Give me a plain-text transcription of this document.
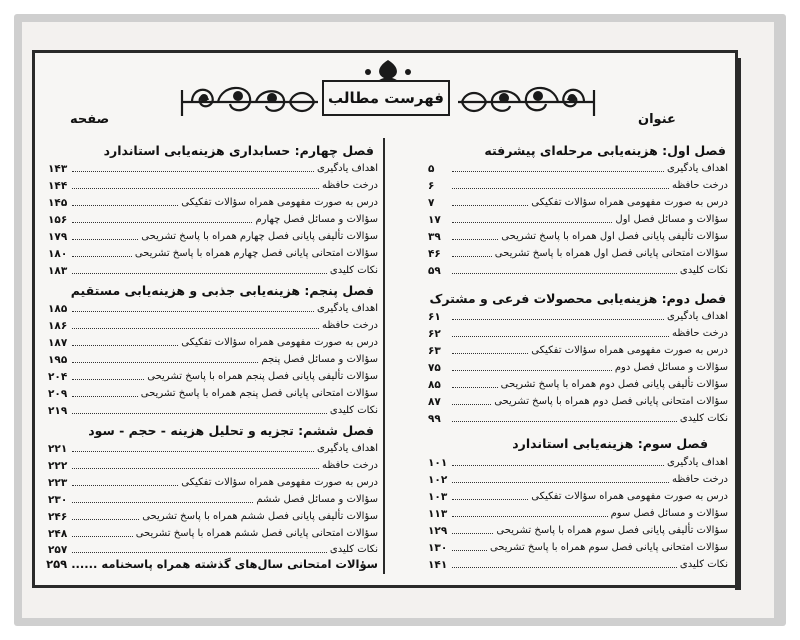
فهرست مطالب
عنوان
صفحه
فصل اول: هزینه‌یابی مرحله‌ای پیشرفته
اهداف یادگیری
۵
درخت حافظه
۶
درس به صورت مفهومی همراه سؤالات تفکیکی
۷
سؤالات و مسائل فصل اول
۱۷
سؤالات تألیفی پایانی فصل اول همراه با پاسخ تشریحی
۳۹
سؤالات امتحانی پایانی فصل اول همراه با پاسخ تشریحی
۴۶
نکات کلیدی
۵۹
فصل دوم: هزینه‌یابی محصولات فرعی و مشترک
اهداف یادگیری
۶۱
درخت حافظه
۶۲
درس به صورت مفهومی همراه سؤالات تفکیکی
۶۳
سؤالات و مسائل فصل دوم
۷۵
سؤالات تألیفی پایانی فصل دوم همراه با پاسخ تشریحی
۸۵
سؤالات امتحانی پایانی فصل دوم همراه با پاسخ تشریحی
۸۷
نکات کلیدی
۹۹
فصل سوم: هزینه‌یابی استاندارد
اهداف یادگیری
۱۰۱
درخت حافظه
۱۰۲
درس به صورت مفهومی همراه سؤالات تفکیکی
۱۰۳
سؤالات و مسائل فصل سوم
۱۱۳
سؤالات تألیفی پایانی فصل سوم همراه با پاسخ تشریحی
۱۲۹
سؤالات امتحانی پایانی فصل سوم همراه با پاسخ تشریحی
۱۳۰
نکات کلیدی
۱۴۱
فصل چهارم: حسابداری هزینه‌یابی استاندارد
اهداف یادگیری
۱۴۳
درخت حافظه
۱۴۴
درس به صورت مفهومی همراه سؤالات تفکیکی
۱۴۵
سؤالات و مسائل فصل چهارم
۱۵۶
سؤالات تألیفی پایانی فصل چهارم همراه با پاسخ تشریحی
۱۷۹
سؤالات امتحانی پایانی فصل چهارم همراه با پاسخ تشریحی
۱۸۰
نکات کلیدی
۱۸۳
فصل پنجم: هزینه‌یابی جذبی و هزینه‌یابی مستقیم
اهداف یادگیری
۱۸۵
درخت حافظه
۱۸۶
درس به صورت مفهومی همراه سؤالات تفکیکی
۱۸۷
سؤالات و مسائل فصل پنجم
۱۹۵
سؤالات تألیفی پایانی فصل پنجم همراه با پاسخ تشریحی
۲۰۴
سؤالات امتحانی پایانی فصل پنجم همراه با پاسخ تشریحی
۲۰۹
نکات کلیدی
۲۱۹
فصل ششم: تجزیه و تحلیل هزینه - حجم - سود
اهداف یادگیری
۲۲۱
درخت حافظه
۲۲۲
درس به صورت مفهومی همراه سؤالات تفکیکی
۲۲۳
سؤالات و مسائل فصل ششم
۲۳۰
سؤالات تألیفی پایانی فصل ششم همراه با پاسخ تشریحی
۲۴۶
سؤالات امتحانی پایانی فصل ششم همراه با پاسخ تشریحی
۲۴۸
نکات کلیدی
۲۵۷
سؤالات امتحانی سال‌های گذشته همراه پاسخنامه ...... ۲۵۹
